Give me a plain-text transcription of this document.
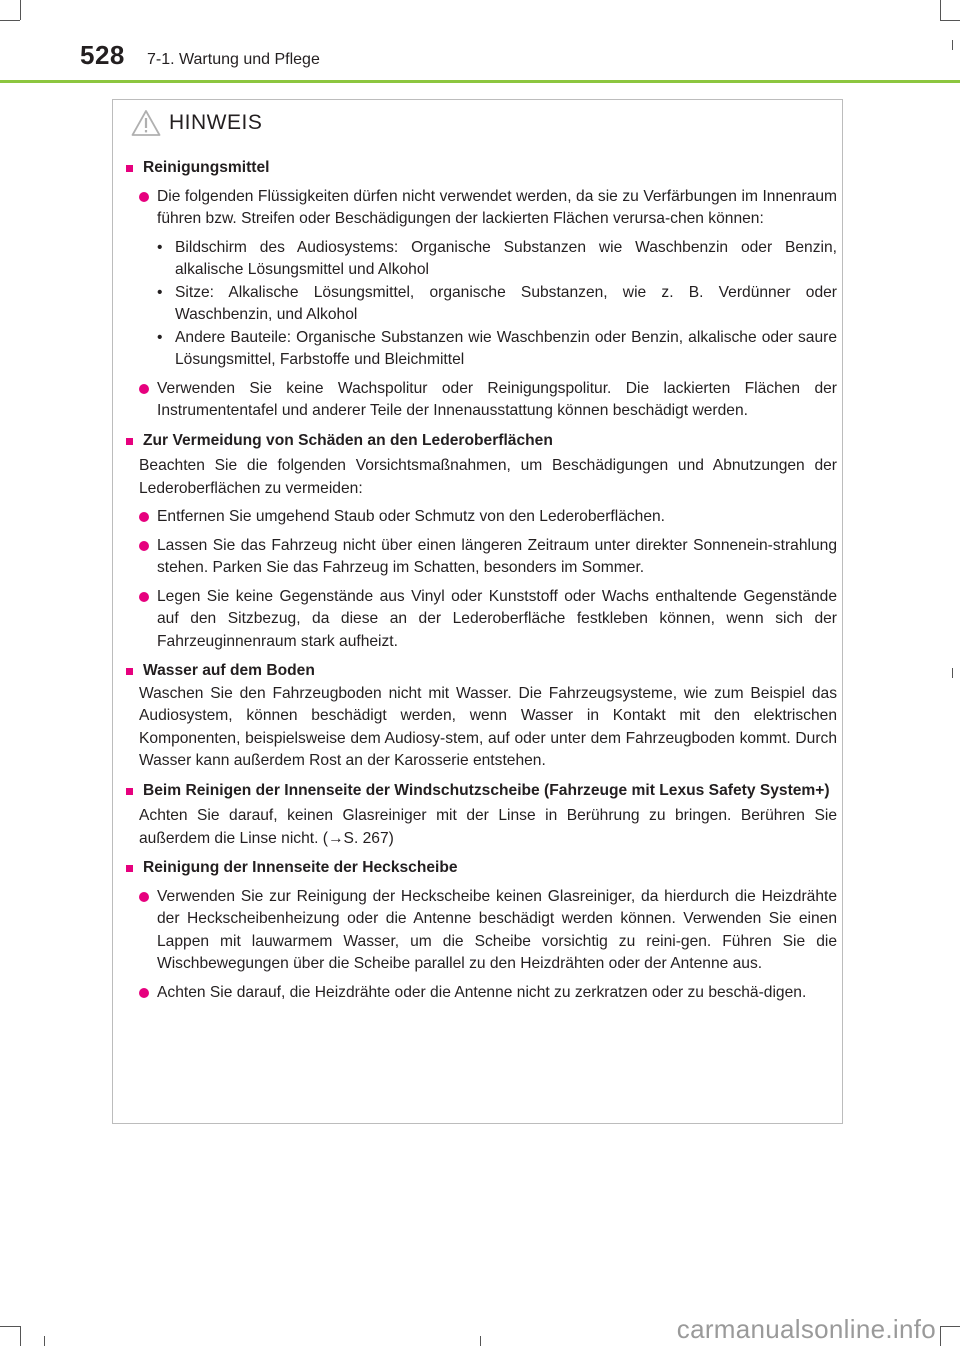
528 7-1. Wartung und Pflege
HINWEIS
Reinigungsmittel
Die folgenden Flüssigkeiten dürfen nicht verwendet werden, da sie zu Verfärbungen im Innenraum führen bzw. Streifen oder Beschädigungen der lackierten Flächen verursa-chen können:
• Bildschirm des Audiosystems: Organische Substanzen wie Waschbenzin oder Benzin, alkalische Lösungsmittel und Alkohol
• Sitze: Alkalische Lösungsmittel, organische Substanzen, wie z. B. Verdünner oder Waschbenzin, und Alkohol
• Andere Bauteile: Organische Substanzen wie Waschbenzin oder Benzin, alkalische oder saure Lösungsmittel, Farbstoffe und Bleichmittel
Verwenden Sie keine Wachspolitur oder Reinigungspolitur. Die lackierten Flächen der Instrumententafel und anderer Teile der Innenausstattung können beschädigt werden.
Zur Vermeidung von Schäden an den Lederoberflächen
Beachten Sie die folgenden Vorsichtsmaßnahmen, um Beschädigungen und Abnutzungen der Lederoberflächen zu vermeiden:
Entfernen Sie umgehend Staub oder Schmutz von den Lederoberflächen.
Lassen Sie das Fahrzeug nicht über einen längeren Zeitraum unter direkter Sonnenein-strahlung stehen. Parken Sie das Fahrzeug im Schatten, besonders im Sommer.
Legen Sie keine Gegenstände aus Vinyl oder Kunststoff oder Wachs enthaltende Gegenstände auf den Sitzbezug, da diese an der Lederoberfläche festkleben können, wenn sich der Fahrzeuginnenraum stark aufheizt.
Wasser auf dem Boden
Waschen Sie den Fahrzeugboden nicht mit Wasser. Die Fahrzeugsysteme, wie zum Beispiel das Audiosystem, können beschädigt werden, wenn Wasser in Kontakt mit den elektrischen Komponenten, beispielsweise dem Audiosy-stem, auf oder unter dem Fahrzeugboden kommt. Durch Wasser kann außerdem Rost an der Karosserie entstehen.
Beim Reinigen der Innenseite der Windschutzscheibe (Fahrzeuge mit Lexus Safety System+)
Achten Sie darauf, keinen Glasreiniger mit der Linse in Berührung zu bringen. Berühren Sie außerdem die Linse nicht. (→S. 267)
Reinigung der Innenseite der Heckscheibe
Verwenden Sie zur Reinigung der Heckscheibe keinen Glasreiniger, da hierdurch die Heizdrähte der Heckscheibenheizung oder die Antenne beschädigt werden können. Verwenden Sie einen Lappen mit lauwarmem Wasser, um die Scheibe vorsichtig zu reini-gen. Führen Sie die Wischbewegungen über die Scheibe parallel zu den Heizdrähten oder der Antenne aus.
Achten Sie darauf, die Heizdrähte oder die Antenne nicht zu zerkratzen oder zu beschä-digen.
carmanualsonline.info
